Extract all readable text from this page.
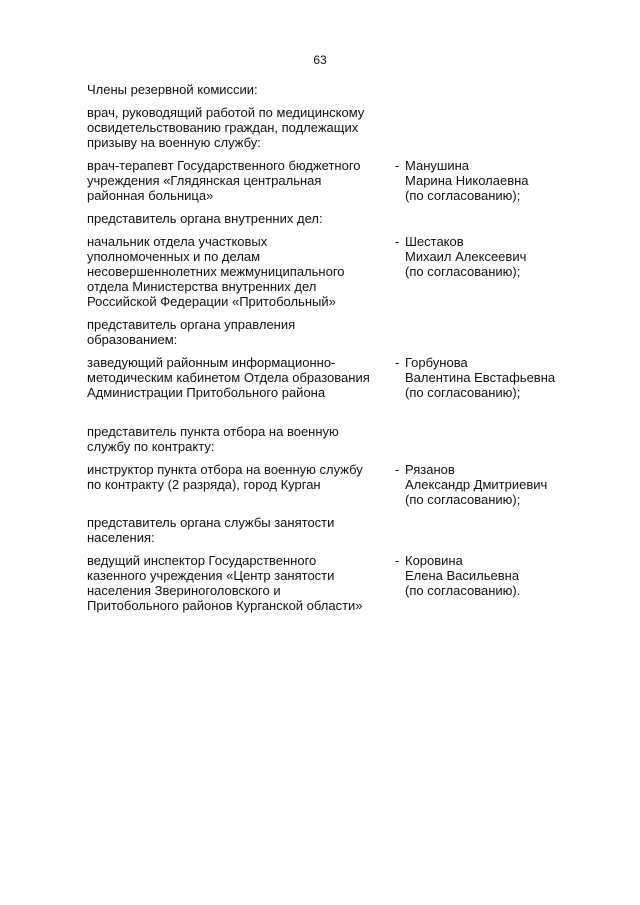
63
Члены резервной комиссии:
врач, руководящий работой по медицинскому
освидетельствованию граждан, подлежащих
призыву на военную службу:
врач-терапевт Государственного бюджетного
учреждения «Глядянская центральная
районная больница»
- Манушина
Марина Николаевна
(по согласованию);
представитель органа внутренних дел:
начальник отдела участковых
уполномоченных и по делам
несовершеннолетних межмуниципального
отдела Министерства внутренних дел
Российской Федерации «Притобольный»
- Шестаков
Михаил Алексеевич
(по согласованию);
представитель органа управления
образованием:
заведующий районным информационно-
методическим кабинетом Отдела образования
Администрации Притобольного района
- Горбунова
Валентина Евстафьевна
(по согласованию);
представитель пункта отбора на военную
службу по контракту:
инструктор пункта отбора на военную службу
по контракту (2 разряда), город Курган
- Рязанов
Александр Дмитриевич
(по согласованию);
представитель органа службы занятости
населения:
ведущий инспектор Государственного
казенного учреждения «Центр занятости
населения Звериноголовского и
Притобольного районов Курганской области»
- Коровина
Елена Васильевна
(по согласованию).
